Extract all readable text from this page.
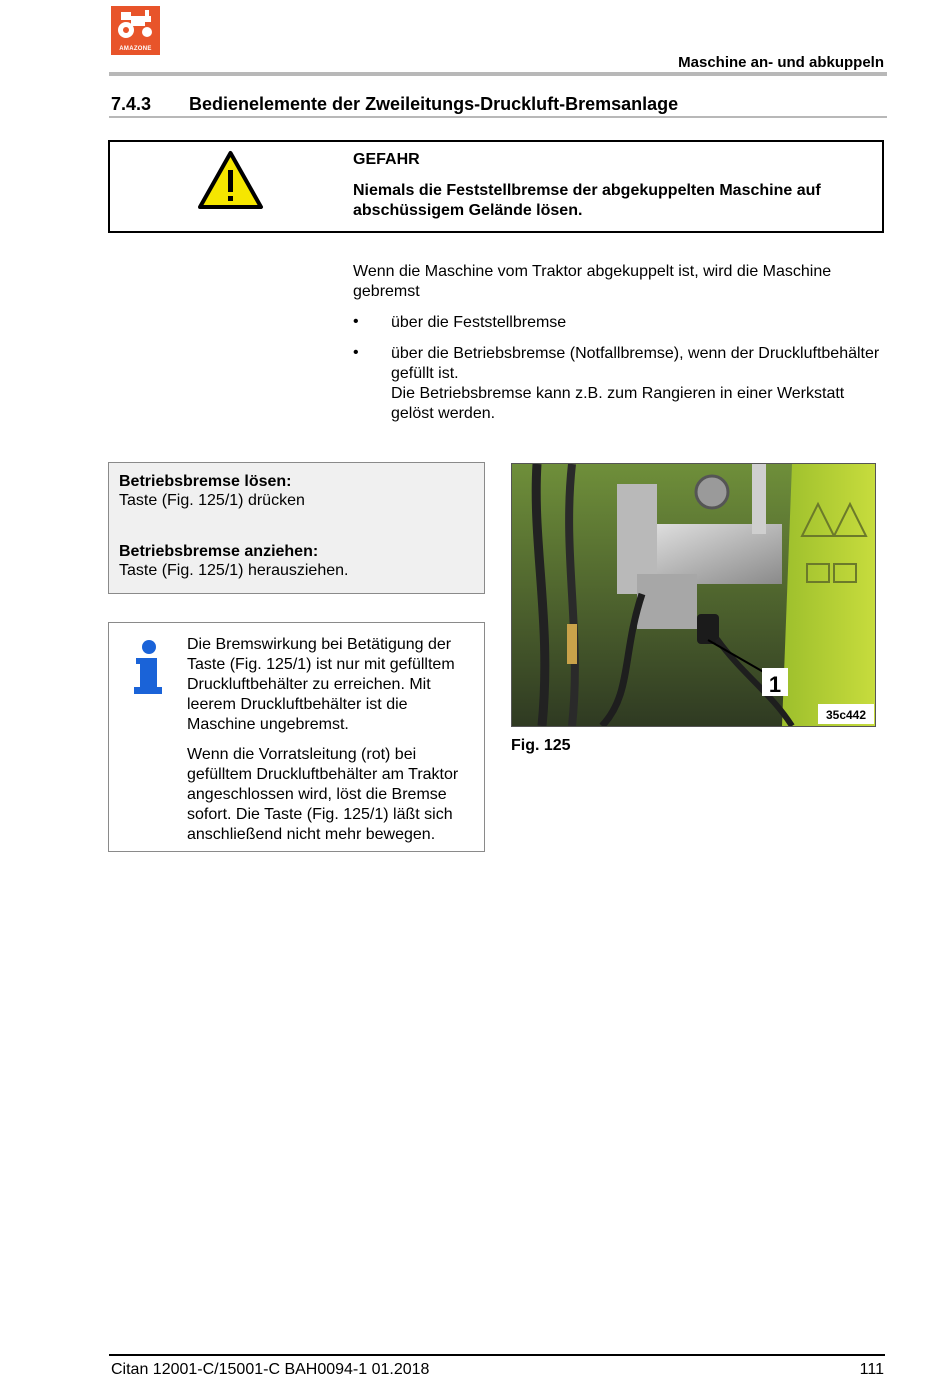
AMAZONE
Maschine an- und abkuppeln
7.4.3 Bedienelemente der Zweileitungs-Druckluft-Bremsanlage
GEFAHR
Niemals die Feststellbremse der abgekuppelten Maschine auf abschüssigem Gelände lösen.
Wenn die Maschine vom Traktor abgekuppelt ist, wird die Maschine gebremst
• über die Feststellbremse
• über die Betriebsbremse (Notfallbremse), wenn der Druckluftbehälter gefüllt ist.
Die Betriebsbremse kann z.B. zum Rangieren in einer Werkstatt gelöst werden.
Betriebsbremse lösen:
Taste (Fig. 125/1) drücken
Betriebsbremse anziehen:
Taste (Fig. 125/1) herausziehen.
Die Bremswirkung bei Betätigung der Taste (Fig. 125/1) ist nur mit gefülltem Druckluftbehälter zu erreichen. Mit leerem Druckluftbehälter ist die Maschine ungebremst.
Wenn die Vorratsleitung (rot) bei gefülltem Druckluftbehälter am Traktor angeschlossen wird, löst die Bremse sofort. Die Taste (Fig. 125/1) läßt sich anschließend nicht mehr bewegen.
1
35c442
Fig. 125
Citan 12001-C/15001-C BAH0094-1 01.2018	111
